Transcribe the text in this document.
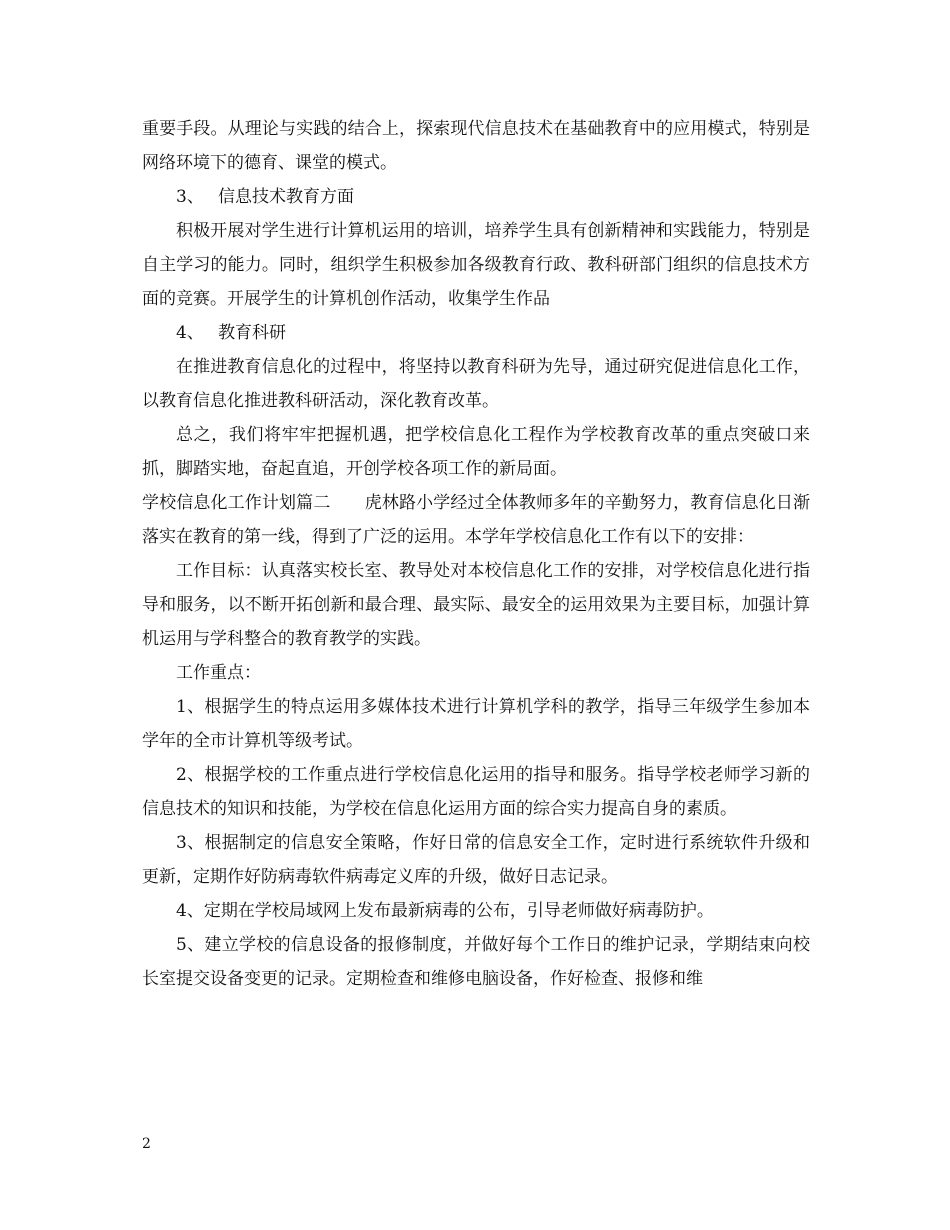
重要手段。从理论与实践的结合上，探索现代信息技术在基础教育中的应用模式，特别是网络环境下的德育、课堂的模式。

3、 信息技术教育方面

积极开展对学生进行计算机运用的培训，培养学生具有创新精神和实践能力，特别是自主学习的能力。同时，组织学生积极参加各级教育行政、教科研部门组织的信息技术方面的竞赛。开展学生的计算机创作活动，收集学生作品

4、 教育科研

在推进教育信息化的过程中，将坚持以教育科研为先导，通过研究促进信息化工作，以教育信息化推进教科研活动，深化教育改革。

总之，我们将牢牢把握机遇，把学校信息化工程作为学校教育改革的重点突破口来抓，脚踏实地，奋起直追，开创学校各项工作的新局面。

学校信息化工作计划篇二　　虎林路小学经过全体教师多年的辛勤努力，教育信息化日渐落实在教育的第一线，得到了广泛的运用。本学年学校信息化工作有以下的安排：

工作目标：认真落实校长室、教导处对本校信息化工作的安排，对学校信息化进行指导和服务，以不断开拓创新和最合理、最实际、最安全的运用效果为主要目标，加强计算机运用与学科整合的教育教学的实践。

工作重点：

1、根据学生的特点运用多媒体技术进行计算机学科的教学，指导三年级学生参加本学年的全市计算机等级考试。

2、根据学校的工作重点进行学校信息化运用的指导和服务。指导学校老师学习新的信息技术的知识和技能，为学校在信息化运用方面的综合实力提高自身的素质。

3、根据制定的信息安全策略，作好日常的信息安全工作，定时进行系统软件升级和更新，定期作好防病毒软件病毒定义库的升级，做好日志记录。

4、定期在学校局域网上发布最新病毒的公布，引导老师做好病毒防护。

5、建立学校的信息设备的报修制度，并做好每个工作日的维护记录，学期结束向校长室提交设备变更的记录。定期检查和维修电脑设备，作好检查、报修和维

2
